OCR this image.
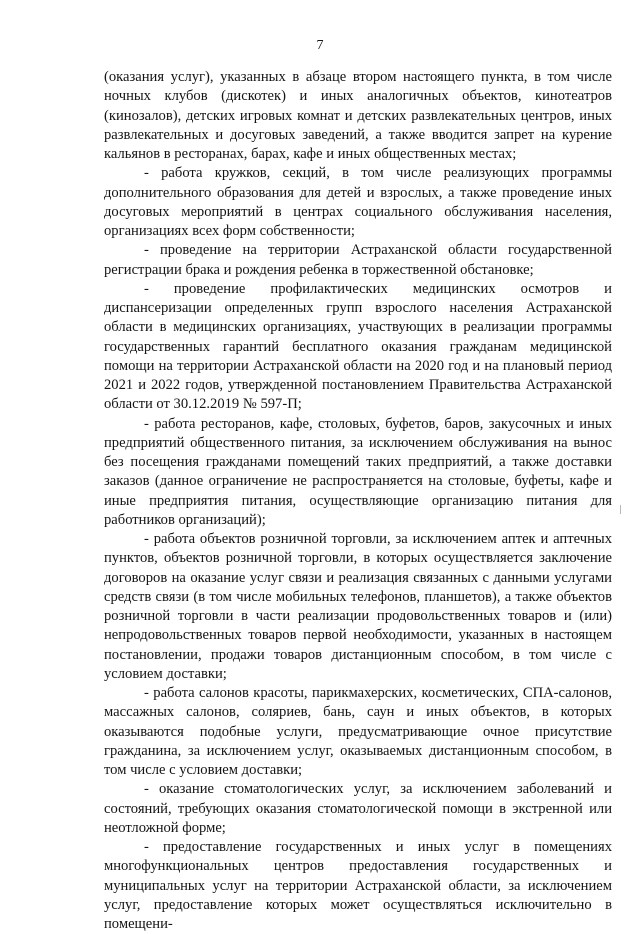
7

(оказания услуг), указанных в абзаце втором настоящего пункта, в том числе ночных клубов (дискотек) и иных аналогичных объектов, кинотеатров (кинозалов), детских игровых комнат и детских развлекательных центров, иных развлекательных и досуговых заведений, а также вводится запрет на курение кальянов в ресторанах, барах, кафе и иных общественных местах;

- работа кружков, секций, в том числе реализующих программы дополнительного образования для детей и взрослых, а также проведение иных досуговых мероприятий в центрах социального обслуживания населения, организациях всех форм собственности;

- проведение на территории Астраханской области государственной регистрации брака и рождения ребенка в торжественной обстановке;

- проведение профилактических медицинских осмотров и диспансеризации определенных групп взрослого населения Астраханской области в медицинских организациях, участвующих в реализации программы государственных гарантий бесплатного оказания гражданам медицинской помощи на территории Астраханской области на 2020 год и на плановый период 2021 и 2022 годов, утвержденной постановлением Правительства Астраханской области от 30.12.2019 № 597-П;

- работа ресторанов, кафе, столовых, буфетов, баров, закусочных и иных предприятий общественного питания, за исключением обслуживания на вынос без посещения гражданами помещений таких предприятий, а также доставки заказов (данное ограничение не распространяется на столовые, буфеты, кафе и иные предприятия питания, осуществляющие организацию питания для работников организаций);

- работа объектов розничной торговли, за исключением аптек и аптечных пунктов, объектов розничной торговли, в которых осуществляется заключение договоров на оказание услуг связи и реализация связанных с данными услугами средств связи (в том числе мобильных телефонов, планшетов), а также объектов розничной торговли в части реализации продовольственных товаров и (или) непродовольственных товаров первой необходимости, указанных в настоящем постановлении, продажи товаров дистанционным способом, в том числе с условием доставки;

- работа салонов красоты, парикмахерских, косметических, СПА-салонов, массажных салонов, соляриев, бань, саун и иных объектов, в которых оказываются подобные услуги, предусматривающие очное присутствие гражданина, за исключением услуг, оказываемых дистанционным способом, в том числе с условием доставки;

- оказание стоматологических услуг, за исключением заболеваний и состояний, требующих оказания стоматологической помощи в экстренной или неотложной форме;

- предоставление государственных и иных услуг в помещениях многофункциональных центров предоставления государственных и муниципальных услуг на территории Астраханской области, за исключением услуг, предоставление которых может осуществляться исключительно в помещени-
